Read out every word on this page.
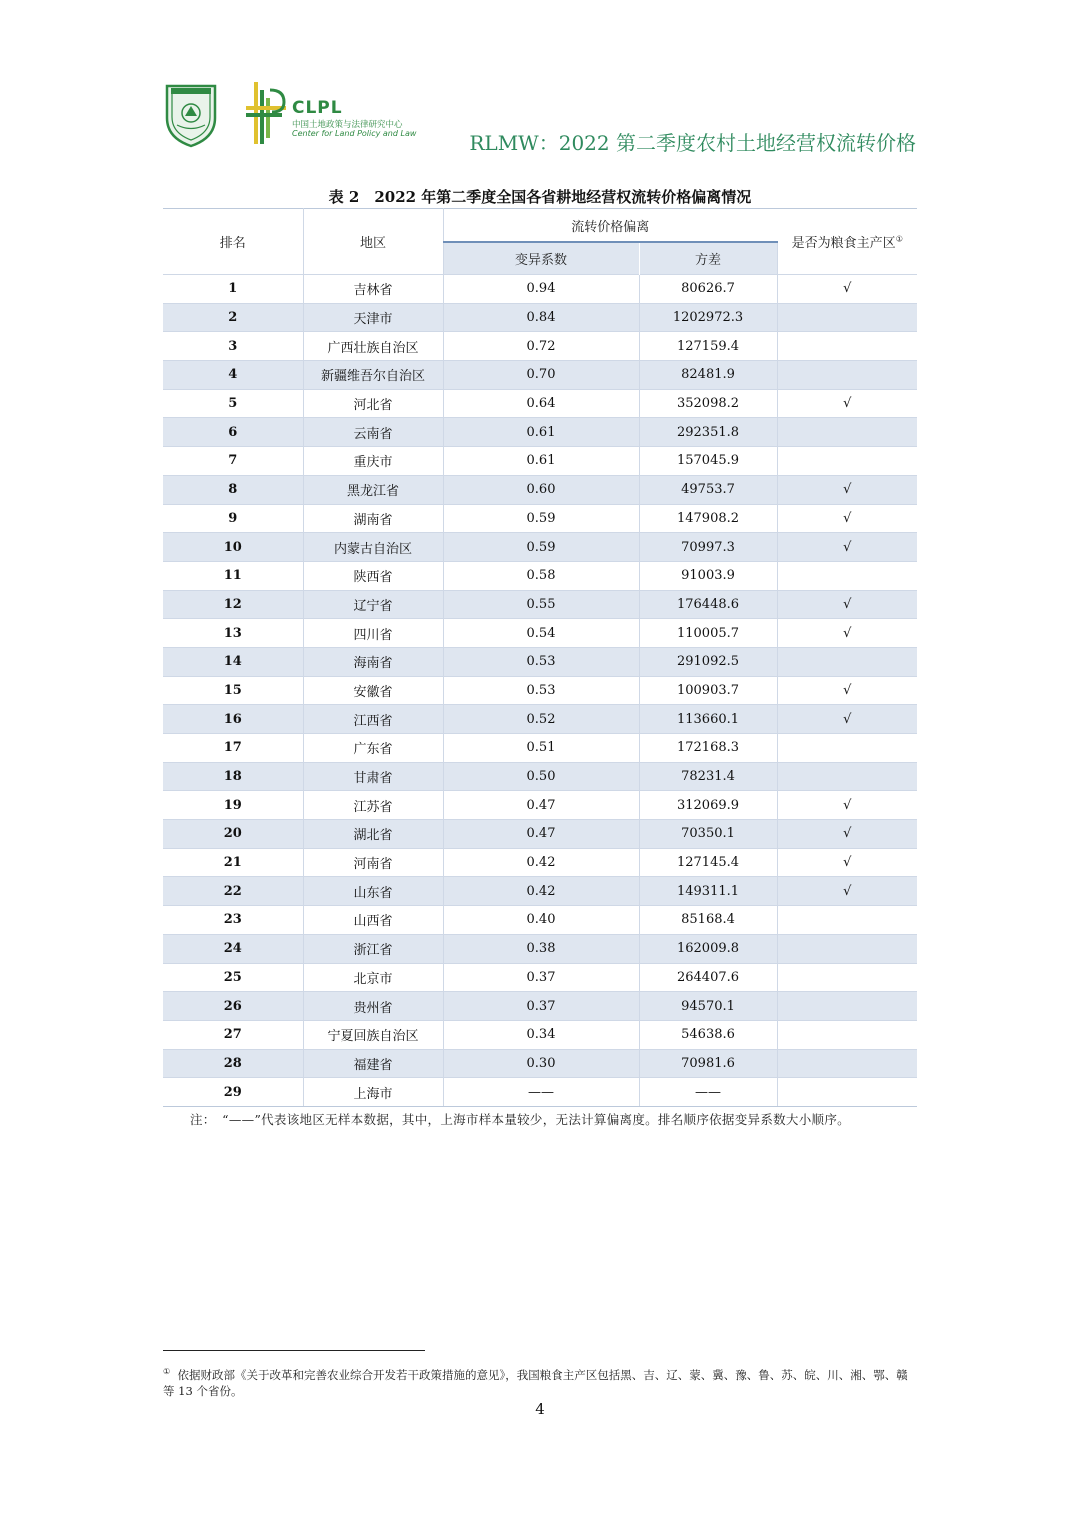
CLPL
中国土地政策与法律研究中心
Center for Land Policy and Law	RLMW：2022 第二季度农村土地经营权流转价格
表 2　2022 年第二季度全国各省耕地经营权流转价格偏离情况
排名	地区	流转价格偏离		是否为粮食主产区①
		变异系数	方差	
1	吉林省	0.94	80626.7	√
2	天津市	0.84	1202972.3	
3	广西壮族自治区	0.72	127159.4	
4	新疆维吾尔自治区	0.70	82481.9	
5	河北省	0.64	352098.2	√
6	云南省	0.61	292351.8	
7	重庆市	0.61	157045.9	
8	黑龙江省	0.60	49753.7	√
9	湖南省	0.59	147908.2	√
10	内蒙古自治区	0.59	70997.3	√
11	陕西省	0.58	91003.9	
12	辽宁省	0.55	176448.6	√
13	四川省	0.54	110005.7	√
14	海南省	0.53	291092.5	
15	安徽省	0.53	100903.7	√
16	江西省	0.52	113660.1	√
17	广东省	0.51	172168.3	
18	甘肃省	0.50	78231.4	
19	江苏省	0.47	312069.9	√
20	湖北省	0.47	70350.1	√
21	河南省	0.42	127145.4	√
22	山东省	0.42	149311.1	√
23	山西省	0.40	85168.4	
24	浙江省	0.38	162009.8	
25	北京市	0.37	264407.6	
26	贵州省	0.37	94570.1	
27	宁夏回族自治区	0.34	54638.6	
28	福建省	0.30	70981.6	
29	上海市	——	——	
注：　“——”代表该地区无样本数据，其中，上海市样本量较少，无法计算偏离度。排名顺序依据变异系数大小顺序。
① 依据财政部《关于改革和完善农业综合开发若干政策措施的意见》，我国粮食主产区包括黑、吉、辽、蒙、冀、豫、鲁、苏、皖、川、湘、鄂、赣等 13 个省份。
4
